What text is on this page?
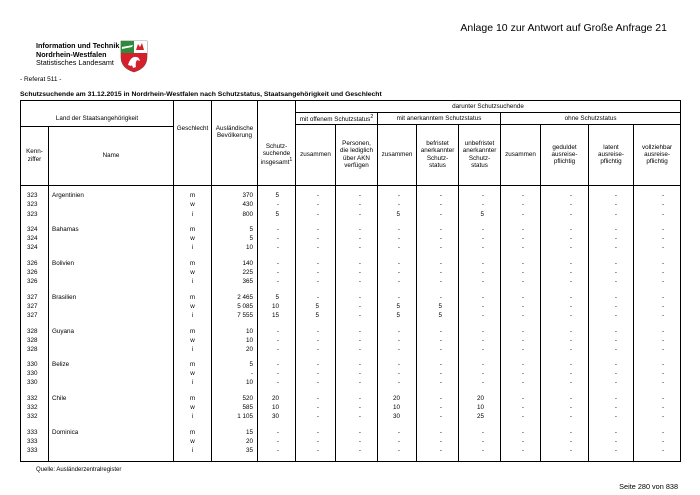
Anlage 10 zur Antwort auf Große Anfrage 21
Information und Technik
Nordrhein-Westfalen
Statistisches Landesamt
- Referat 511 -
Schutzsuchende am 31.12.2015 in Nordrhein-Westfalen nach Schutzstatus, Staatsangehörigkeit und Geschlecht
					darunter Schutzsuchende								
					mit offenem Schutzstatus$^2$		mit anerkanntem Schutzstatus			ohne Schutzstatus			

Land der Staatsangehörigkeit
Kenn-ziffer
Name		Geschlecht	Ausländische Bevölkerung	Schutz-suchende insgesamt$^1$	zusammen	Personen, die lediglich über AKN verfügen	zusammen	befristet anerkannter Schutz-status	unbefristet anerkannter Schutz-status	zusammen	geduldet ausreise-pflichtig	latent ausreise-pflichtig	vollziehbar ausreise-pflichtig

323	Argentinien	m	370	5	-	-	-	-	-	-	-	-	-
323		w	430	-	-	-	-	-	-	-	-	-	-
323		i	800	5	-	-	5	-	5	-	-	-	-

324	Bahamas	m	5	-	-	-	-	-	-	-	-	-	-
324		w	5	-	-	-	-	-	-	-	-	-	-
324		i	10	-	-	-	-	-	-	-	-	-	-

326	Bolivien	m	140	-	-	-	-	-	-	-	-	-	-
326		w	225	-	-	-	-	-	-	-	-	-	-
326		i	365	-	-	-	-	-	-	-	-	-	-

327	Brasilien	m	2 465	5	-	-	-	-	-	-	-	-	-
327		w	5 085	10	5	-	5	5	-	-	-	-	-
327		i	7 555	15	5	-	5	5	-	-	-	-	-

328	Guyana	m	10	-	-	-	-	-	-	-	-	-	-
328		w	10	-	-	-	-	-	-	-	-	-	-
328		i	20	-	-	-	-	-	-	-	-	-	-

330	Belize	m	5	-	-	-	-	-	-	-	-	-	-
330		w	-	-	-	-	-	-	-	-	-	-	-
330		i	10	-	-	-	-	-	-	-	-	-	-

332	Chile	m	520	20	-	-	20	-	20	-	-	-	-
332		w	585	10	-	-	10	-	10	-	-	-	-
332		i	1 105	30	-	-	30	-	25	-	-	-	-

333	Dominica	m	15	-	-	-	-	-	-	-	-	-	-
333		w	20	-	-	-	-	-	-	-	-	-	-
333		i	35	-	-	-	-	-	-	-	-	-	-

Quelle: Ausländerzentralregister
Seite 280 von 838
